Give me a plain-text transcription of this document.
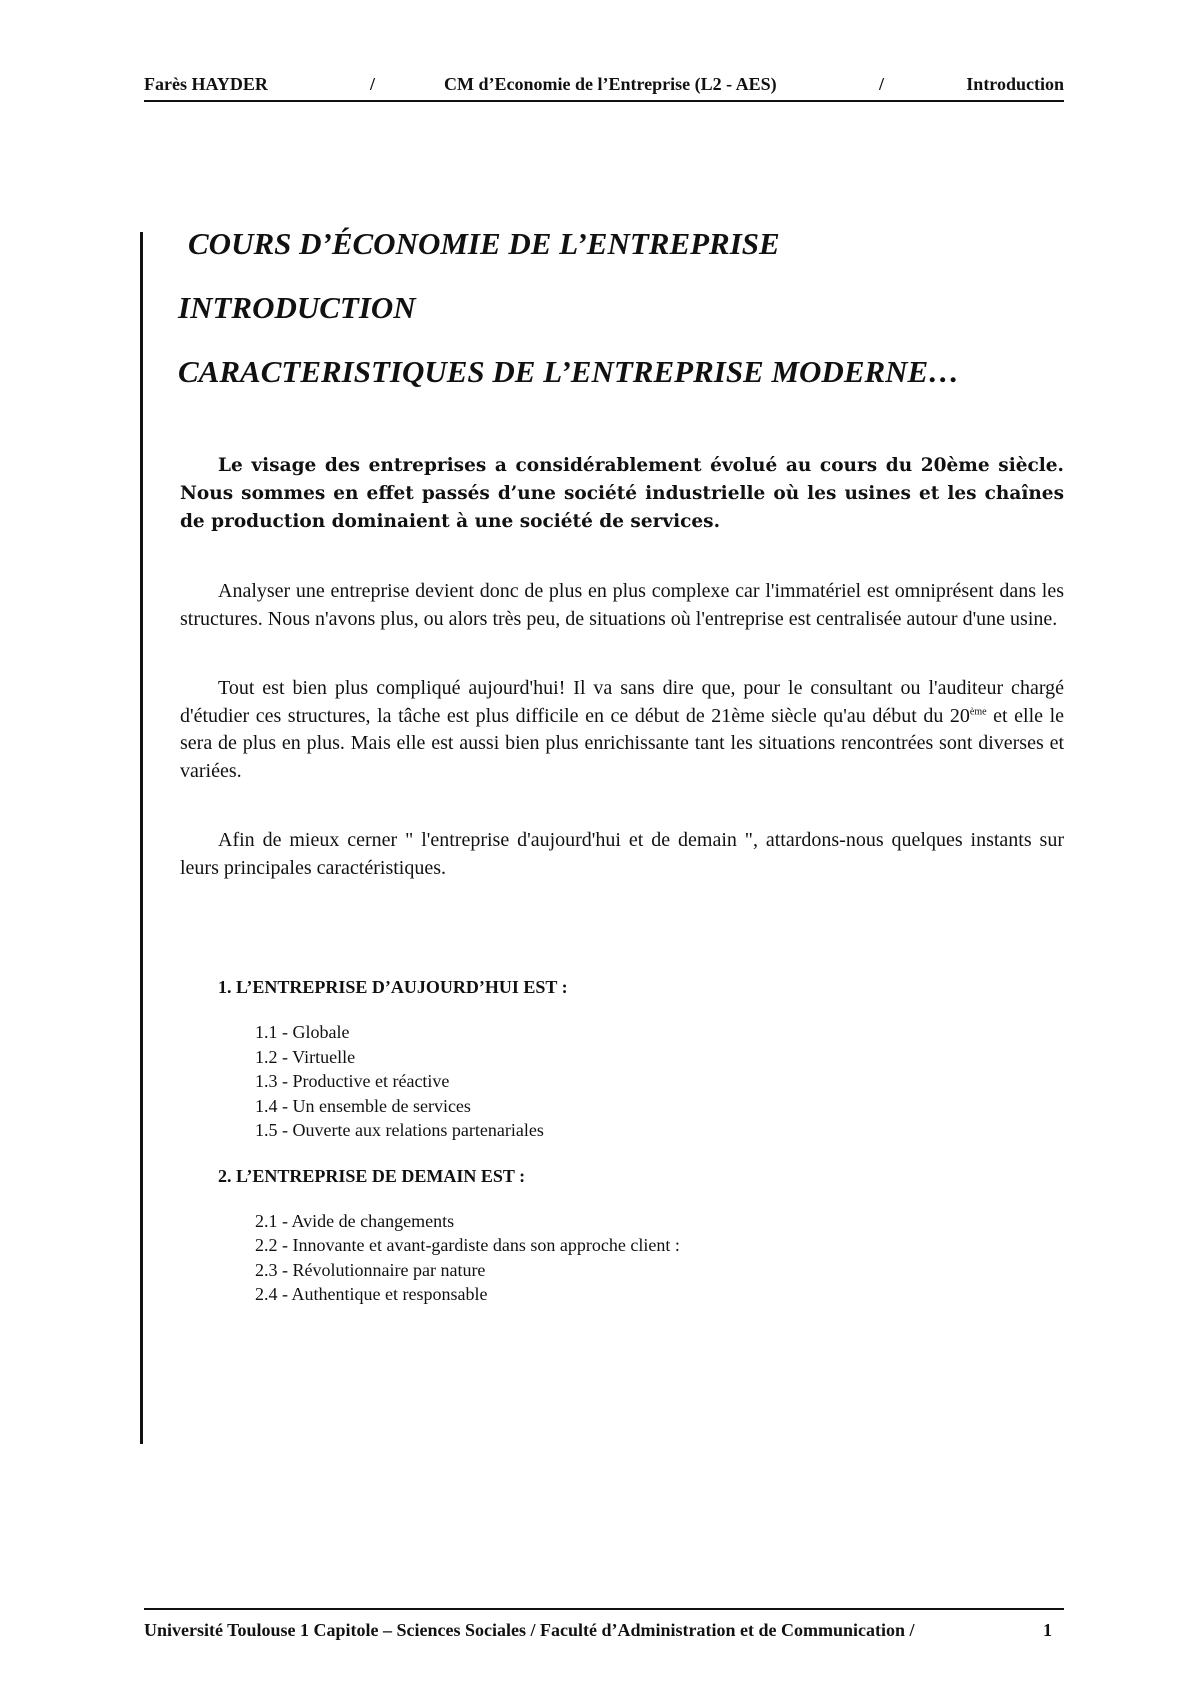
Farès HAYDER	/	CM d’Economie de l’Entreprise (L2 - AES)	/	Introduction
COURS D’ÉCONOMIE DE L’ENTREPRISE
INTRODUCTION
CARACTERISTIQUES DE L’ENTREPRISE MODERNE…

Le visage des entreprises a considérablement évolué au cours du 20ème siècle. Nous sommes en effet passés d’une société industrielle où les usines et les chaînes de production dominaient à une société de services.

Analyser une entreprise devient donc de plus en plus complexe car l'immatériel est omniprésent dans les structures. Nous n'avons plus, ou alors très peu, de situations où l'entreprise est centralisée autour d'une usine.

Tout est bien plus compliqué aujourd'hui! Il va sans dire que, pour le consultant ou l'auditeur chargé d'étudier ces structures, la tâche est plus difficile en ce début de 21ème siècle qu'au début du 20ème et elle le sera de plus en plus. Mais elle est aussi bien plus enrichissante tant les situations rencontrées sont diverses et variées.

Afin de mieux cerner " l'entreprise d'aujourd'hui et de demain ", attardons-nous quelques instants sur leurs principales caractéristiques.

1. L’ENTREPRISE D’AUJOURD’HUI EST :
1.1 - Globale
1.2 - Virtuelle
1.3 - Productive et réactive
1.4 - Un ensemble de services
1.5 - Ouverte aux relations partenariales
2. L’ENTREPRISE DE DEMAIN EST :
2.1 - Avide de changements
2.2 - Innovante et avant-gardiste dans son approche client :
2.3 - Révolutionnaire par nature
2.4 - Authentique et responsable
Université Toulouse 1 Capitole – Sciences Sociales / Faculté d’Administration et de Communication /	1
